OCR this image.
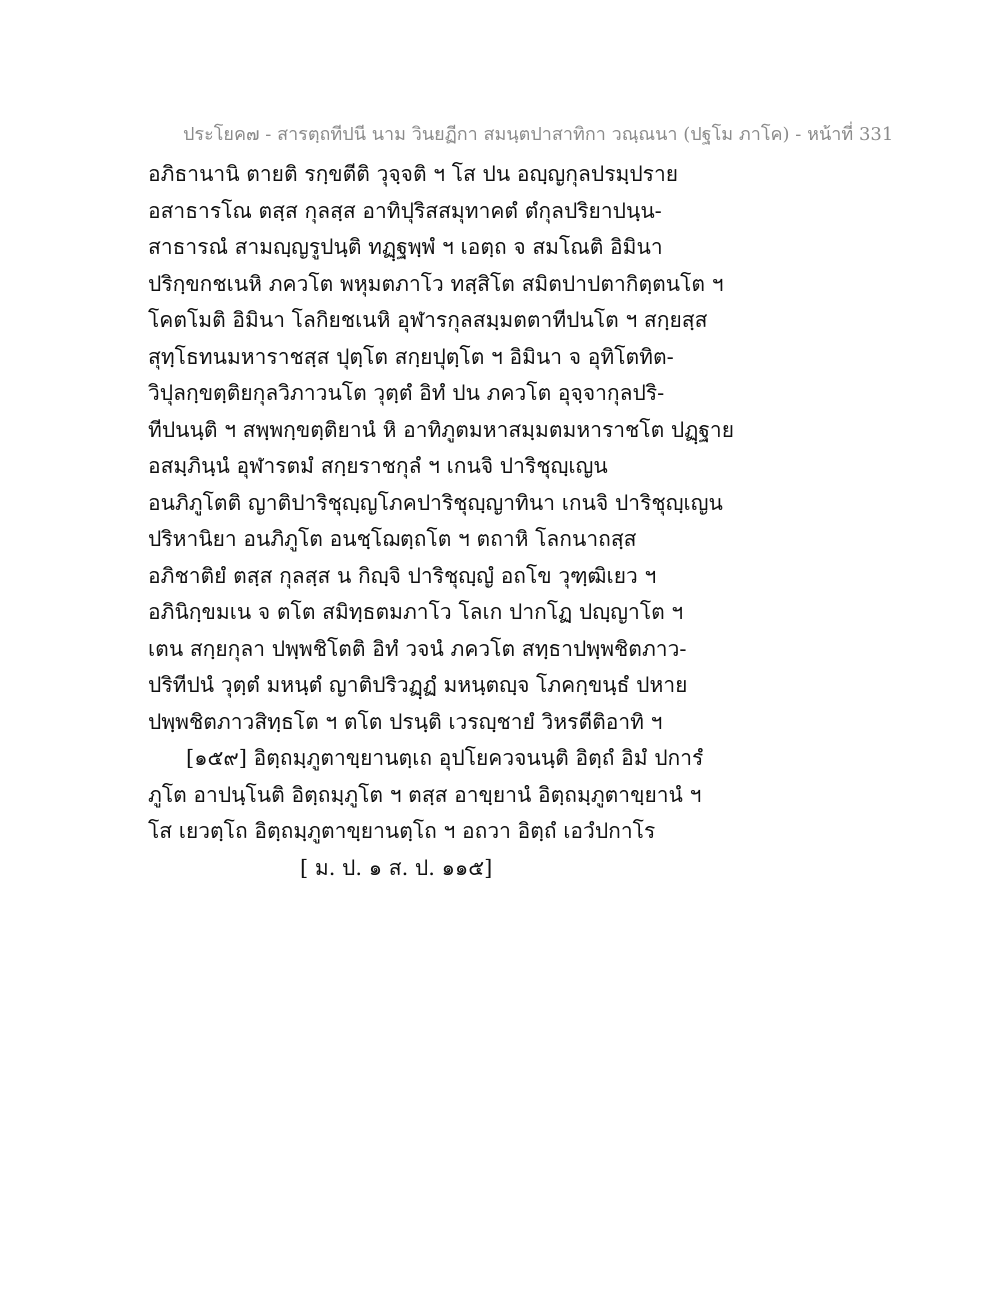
ประโยค๗ - สารตฺถทีปนี นาม วินยฏีกา สมนฺตปาสาทิกา วณฺณนา (ปฐโม ภาโค) - หน้าที่ 331
อภิธานานิ ตายติ รกฺขตีติ วุจฺจติ ฯ โส ปน อญฺญกุลปรมฺปราย
อสาธารโณ ตสฺส กุลสฺส อาทิปุริสสมุทาคตํ ตํกุลปริยาปนฺน-
สาธารณํ สามญฺญรูปนฺติ ทฏฺฐพฺพํ ฯ เอตฺถ จ สมโณติ อิมินา
ปริกฺขกชเนหิ ภควโต พหุมตภาโว ทสฺสิโต สมิตปาปตากิตฺตนโต ฯ
โคตโมติ อิมินา โลกิยชเนหิ อุฬารกุลสมฺมตตาทีปนโต ฯ สกฺยสฺส
สุทฺโธทนมหาราชสฺส ปุตฺโต สกฺยปุตฺโต ฯ อิมินา จ อุทิโตทิต-
วิปุลกฺขตฺติยกุลวิภาวนโต วุตฺตํ อิทํ ปน ภควโต อุจฺจากุลปริ-
ทีปนนฺติ ฯ สพฺพกฺขตฺติยานํ หิ อาทิภูตมหาสมฺมตมหาราชโต ปฏฺฐาย
อสมฺภินฺนํ อุฬารตมํ สกฺยราชกุลํ ฯ เกนจิ ปาริชุญฺเญน
อนภิภูโตติ ญาติปาริชุญฺญโภคปาริชุญฺญาทินา เกนจิ ปาริชุญฺเญน
ปริหานิยา อนภิภูโต อนชฺโฌตฺถโต ฯ ตถาหิ โลกนาถสฺส
อภิชาติยํ ตสฺส กุลสฺส น กิญฺจิ ปาริชุญฺญํ อถโข วุฑฺฒิเยว ฯ
อภินิกฺขมเน จ ตโต สมิทฺธตมภาโว โลเก ปากโฏ ปญฺญาโต ฯ
เตน สกฺยกุลา ปพฺพชิโตติ อิทํ วจนํ ภควโต สทฺธาปพฺพชิตภาว-
ปริทีปนํ วุตฺตํ มหนฺตํ ญาติปริวฏฺฏํ มหนฺตญฺจ โภคกฺขนฺธํ ปหาย
ปพฺพชิตภาวสิทฺธโต ฯ ตโต ปรนฺติ เวรญฺชายํ วิหรตีติอาทิ ฯ
[๑๕๙] อิตฺถมฺภูตาขฺยานตฺเถ อุปโยควจนนฺติ อิตฺถํ อิมํ ปการํ
ภูโต อาปนฺโนติ อิตฺถมฺภูโต ฯ ตสฺส อาขฺยานํ อิตฺถมฺภูตาขฺยานํ ฯ
โส เยวตฺโถ อิตฺถมฺภูตาขฺยานตฺโถ ฯ อถวา อิตฺถํ เอวํปกาโร
[ ม. ป. ๑ ส. ป. ๑๑๕]
